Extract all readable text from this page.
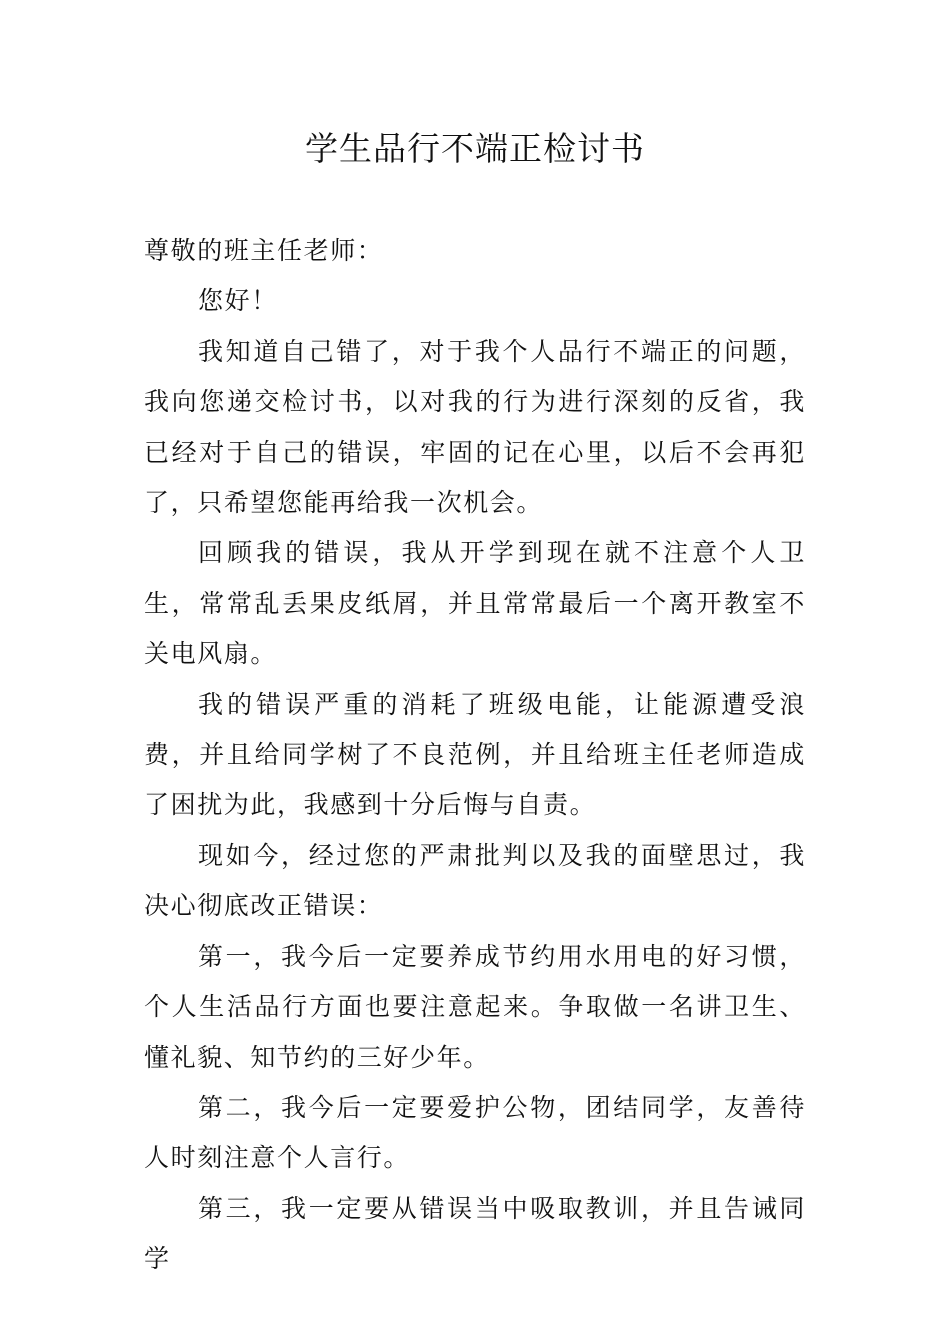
学生品行不端正检讨书

尊敬的班主任老师：

您好！

我知道自己错了，对于我个人品行不端正的问题，我向您递交检讨书，以对我的行为进行深刻的反省，我已经对于自己的错误，牢固的记在心里，以后不会再犯了，只希望您能再给我一次机会。

回顾我的错误，我从开学到现在就不注意个人卫生，常常乱丢果皮纸屑，并且常常最后一个离开教室不关电风扇。

我的错误严重的消耗了班级电能，让能源遭受浪费，并且给同学树了不良范例，并且给班主任老师造成了困扰为此，我感到十分后悔与自责。

现如今，经过您的严肃批判以及我的面壁思过，我决心彻底改正错误：

第一，我今后一定要养成节约用水用电的好习惯，个人生活品行方面也要注意起来。争取做一名讲卫生、懂礼貌、知节约的三好少年。

第二，我今后一定要爱护公物，团结同学，友善待人时刻注意个人言行。

第三，我一定要从错误当中吸取教训，并且告诫同学
